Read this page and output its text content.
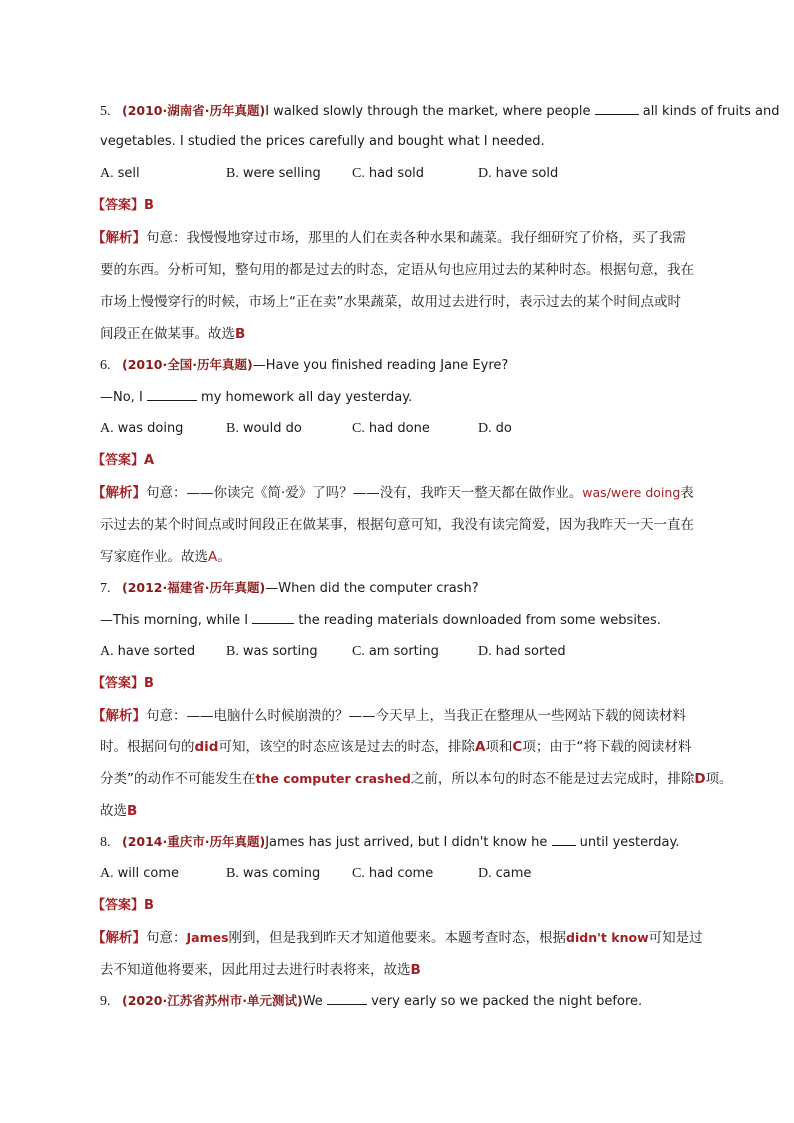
5. (2010·湖南省·历年真题)I walked slowly through the market, where people	all kinds of fruits and
vegetables. I studied the prices carefully and bought what I needed.
A. sell	B. were selling	C. had sold	D. have sold
【答案】B
【解析】句意：我慢慢地穿过市场，那里的人们在卖各种水果和蔬菜。我仔细研究了价格，买了我需
要的东西。分析可知，整句用的都是过去的时态，定语从句也应用过去的某种时态。根据句意，我在
市场上慢慢穿行的时候，市场上“正在卖”水果蔬菜，故用过去进行时，表示过去的某个时间点或时
间段正在做某事。故选B
6. (2010·全国·历年真题)—Have you finished reading Jane Eyre?
—No, I	my homework all day yesterday.
A. was doing	B. would do	C. had done	D. do
【答案】A
【解析】句意：——你读完《简·爱》了吗？——没有，我昨天一整天都在做作业。was/were doing表
示过去的某个时间点或时间段正在做某事，根据句意可知，我没有读完简爱，因为我昨天一天一直在
写家庭作业。故选A。
7. (2012·福建省·历年真题)—When did the computer crash?
—This morning, while I	the reading materials downloaded from some websites.
A. have sorted	B. was sorting	C. am sorting	D. had sorted
【答案】B
【解析】句意：——电脑什么时候崩溃的？——今天早上，当我正在整理从一些网站下载的阅读材料
时。根据问句的did可知，该空的时态应该是过去的时态，排除A项和C项；由于“将下载的阅读材料
分类”的动作不可能发生在the computer crashed之前，所以本句的时态不能是过去完成时，排除D项。
故选B
8. (2014·重庆市·历年真题)James has just arrived, but I didn't know he  until yesterday.
A. will come	B. was coming	C. had come	D. came
【答案】B
【解析】句意：James刚到，但是我到昨天才知道他要来。本题考查时态，根据didn't know可知是过
去不知道他将要来，因此用过去进行时表将来，故选B
9. (2020·江苏省苏州市·单元测试)We	very early so we packed the night before.
